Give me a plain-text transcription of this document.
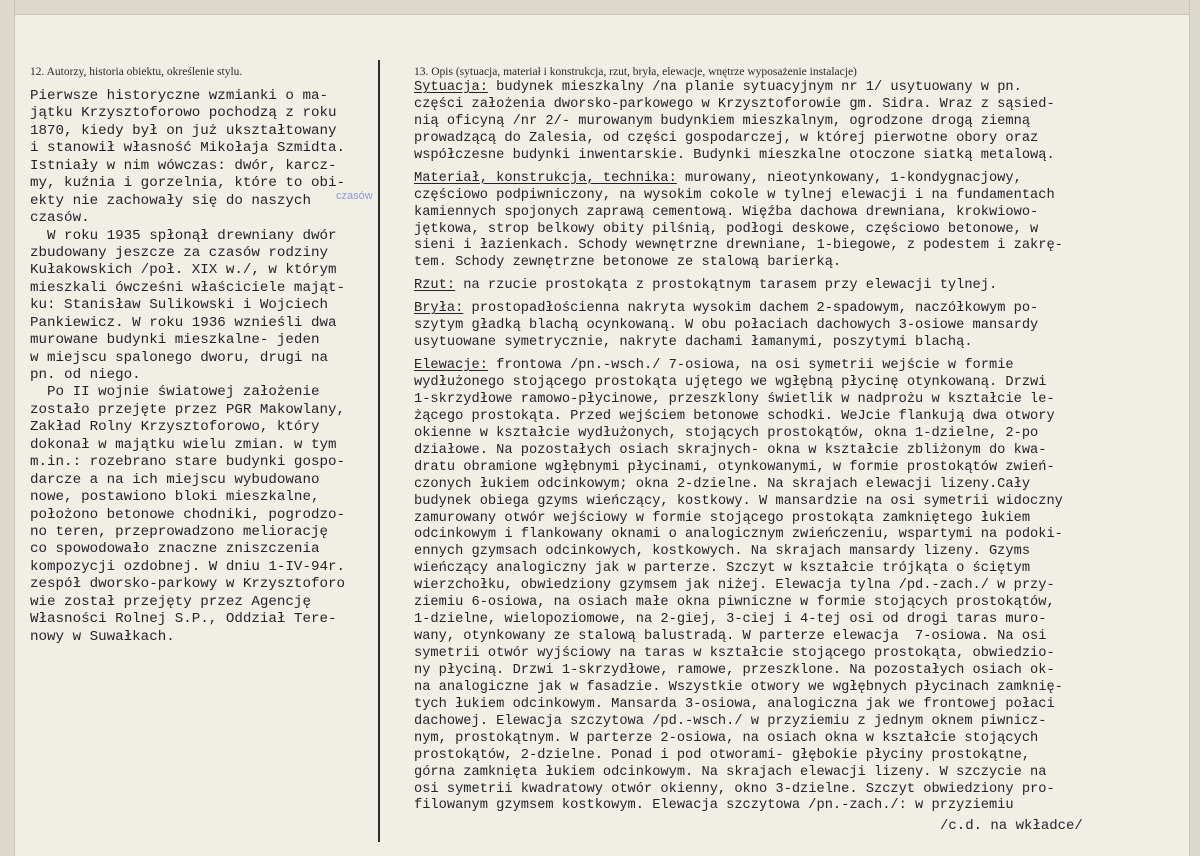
12. Autorzy, historia obiektu, określenie stylu.	13. Opis (sytuacja, materiał i konstrukcja, rzut, bryła, elewacje, wnętrze wyposażenie instalacje)
Pierwsze historyczne wzmianki o ma-
jątku Krzysztoforowo pochodzą z roku
1870, kiedy był on już ukształtowany
i stanowił własność Mikołaja Szmidta.
Istniały w nim wówczas: dwór, karcz-
my, kuźnia i gorzelnia, które to obi-
ekty nie zachowały się do naszych
czasów.
W roku 1935 spłonął drewniany dwór
zbudowany jeszcze za czasów rodziny
Kułakowskich /poł. XIX w./, w którym
mieszkali ówcześni właściciele mająt-
ku: Stanisław Sulikowski i Wojciech
Pankiewicz. W roku 1936 wznieśli dwa
murowane budynki mieszkalne- jeden
w miejscu spalonego dworu, drugi na
pn. od niego.
Po II wojnie światowej założenie
zostało przejęte przez PGR Makowlany,
Zakład Rolny Krzysztoforowo, który
dokonał w majątku wielu zmian. w tym
m.in.: rozebrano stare budynki gospo-
darcze a na ich miejscu wybudowano
nowe, postawiono bloki mieszkalne,
położono betonowe chodniki, pogrodzo-
no teren, przeprowadzono meliorację
co spowodowało znaczne zniszczenia
kompozycji ozdobnej. W dniu 1-IV-94r.
zespół dworsko-parkowy w Krzysztoforo
wie został przejęty przez Agencję
Własności Rolnej S.P., Oddział Tere-
nowy w Suwałkach.
czasów
Sytuacja: budynek mieszkalny /na planie sytuacyjnym nr 1/ usytuowany w pn.
części założenia dworsko-parkowego w Krzysztoforowie gm. Sidra. Wraz z sąsied-
nią oficyną /nr 2/- murowanym budynkiem mieszkalnym, ogrodzone drogą ziemną
prowadzącą do Zalesia, od części gospodarczej, w której pierwotne obory oraz
współczesne budynki inwentarskie. Budynki mieszkalne otoczone siatką metalową.
Materiał, konstrukcja, technika: murowany, nieotynkowany, 1-kondygnacjowy,
częściowo podpiwniczony, na wysokim cokole w tylnej elewacji i na fundamentach
kamiennych spojonych zaprawą cementową. Więźba dachowa drewniana, krokwiowo-
jętkowa, strop belkowy obity pilśnią, podłogi deskowe, częściowo betonowe, w
sieni i łazienkach. Schody wewnętrzne drewniane, 1-biegowe, z podestem i zakrę-
tem. Schody zewnętrzne betonowe ze stalową barierką.
Rzut: na rzucie prostokąta z prostokątnym tarasem przy elewacji tylnej.
Bryła: prostopadłościenna nakryta wysokim dachem 2-spadowym, naczółkowym po-
szytym gładką blachą ocynkowaną. W obu połaciach dachowych 3-osiowe mansardy
usytuowane symetrycznie, nakryte dachami łamanymi, poszytymi blachą.
Elewacje: frontowa /pn.-wsch./ 7-osiowa, na osi symetrii wejście w formie
wydłużonego stojącego prostokąta ujętego we wgłębną płycinę otynkowaną. Drzwi
1-skrzydłowe ramowo-płycinowe, przeszklony świetlik w nadprożu w kształcie le-
żącego prostokąta. Przed wejściem betonowe schodki. WeJcie flankują dwa otwory
okienne w kształcie wydłużonych, stojących prostokątów, okna 1-dzielne, 2-po
działowe. Na pozostałych osiach skrajnych- okna w kształcie zbliżonym do kwa-
dratu obramione wgłębnymi płycinami, otynkowanymi, w formie prostokątów zwień-
czonych łukiem odcinkowym; okna 2-dzielne. Na skrajach elewacji lizeny.Cały
budynek obiega gzyms wieńczący, kostkowy. W mansardzie na osi symetrii widoczny
zamurowany otwór wejściowy w formie stojącego prostokąta zamkniętego łukiem
odcinkowym i flankowany oknami o analogicznym zwieńczeniu, wspartymi na podoki-
ennych gzymsach odcinkowych, kostkowych. Na skrajach mansardy lizeny. Gzyms
wieńczący analogiczny jak w parterze. Szczyt w kształcie trójkąta o ściętym
wierzchołku, obwiedziony gzymsem jak niżej. Elewacja tylna /pd.-zach./ w przy-
ziemiu 6-osiowa, na osiach małe okna piwniczne w formie stojących prostokątów,
1-dzielne, wielopoziomowe, na 2-giej, 3-ciej i 4-tej osi od drogi taras muro-
wany, otynkowany ze stalową balustradą. W parterze elewacja  7-osiowa. Na osi
symetrii otwór wyjściowy na taras w kształcie stojącego prostokąta, obwiedzio-
ny płyciną. Drzwi 1-skrzydłowe, ramowe, przeszklone. Na pozostałych osiach ok-
na analogiczne jak w fasadzie. Wszystkie otwory we wgłębnych płycinach zamknię-
tych łukiem odcinkowym. Mansarda 3-osiowa, analogiczna jak we frontowej połaci
dachowej. Elewacja szczytowa /pd.-wsch./ w przyziemiu z jednym oknem piwnicz-
nym, prostokątnym. W parterze 2-osiowa, na osiach okna w kształcie stojących
prostokątów, 2-dzielne. Ponad i pod otworami- głębokie płyciny prostokątne,
górna zamknięta łukiem odcinkowym. Na skrajach elewacji lizeny. W szczycie na
osi symetrii kwadratowy otwór okienny, okno 3-dzielne. Szczyt obwiedziony pro-
filowanym gzymsem kostkowym. Elewacja szczytowa /pn.-zach./: w przyziemiu
/c.d. na wkładce/
